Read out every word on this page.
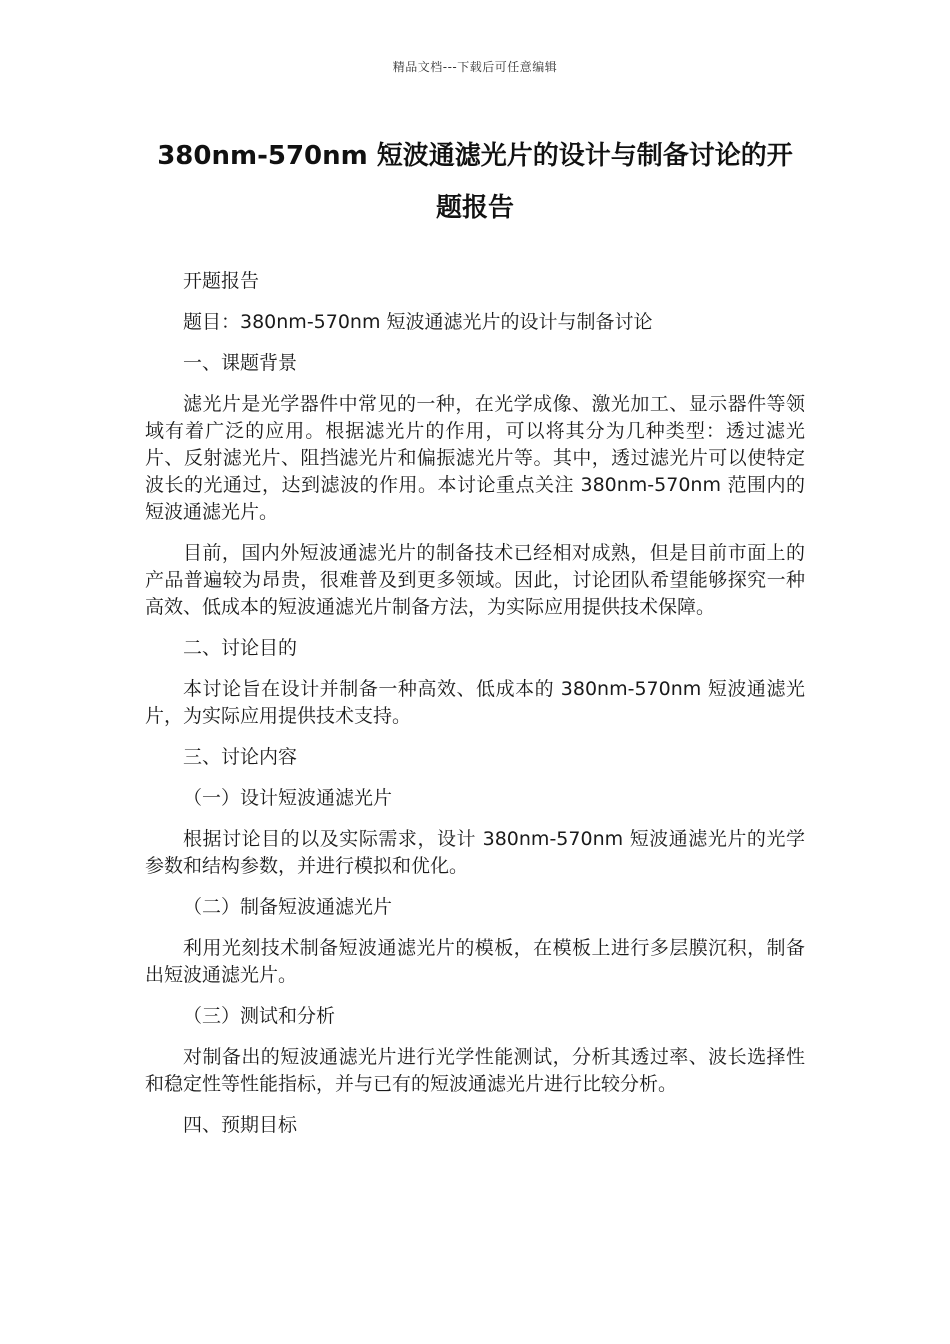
精品文档---下载后可任意编辑
380nm-570nm 短波通滤光片的设计与制备讨论的开题报告

开题报告

题目：380nm-570nm 短波通滤光片的设计与制备讨论

一、课题背景

滤光片是光学器件中常见的一种，在光学成像、激光加工、显示器件等领域有着广泛的应用。根据滤光片的作用，可以将其分为几种类型：透过滤光片、反射滤光片、阻挡滤光片和偏振滤光片等。其中，透过滤光片可以使特定波长的光通过，达到滤波的作用。本讨论重点关注 380nm-570nm 范围内的短波通滤光片。

目前，国内外短波通滤光片的制备技术已经相对成熟，但是目前市面上的产品普遍较为昂贵，很难普及到更多领域。因此，讨论团队希望能够探究一种高效、低成本的短波通滤光片制备方法，为实际应用提供技术保障。

二、讨论目的

本讨论旨在设计并制备一种高效、低成本的 380nm-570nm 短波通滤光片，为实际应用提供技术支持。

三、讨论内容

（一）设计短波通滤光片

根据讨论目的以及实际需求，设计 380nm-570nm 短波通滤光片的光学参数和结构参数，并进行模拟和优化。

（二）制备短波通滤光片

利用光刻技术制备短波通滤光片的模板，在模板上进行多层膜沉积，制备出短波通滤光片。

（三）测试和分析

对制备出的短波通滤光片进行光学性能测试，分析其透过率、波长选择性和稳定性等性能指标，并与已有的短波通滤光片进行比较分析。

四、预期目标
